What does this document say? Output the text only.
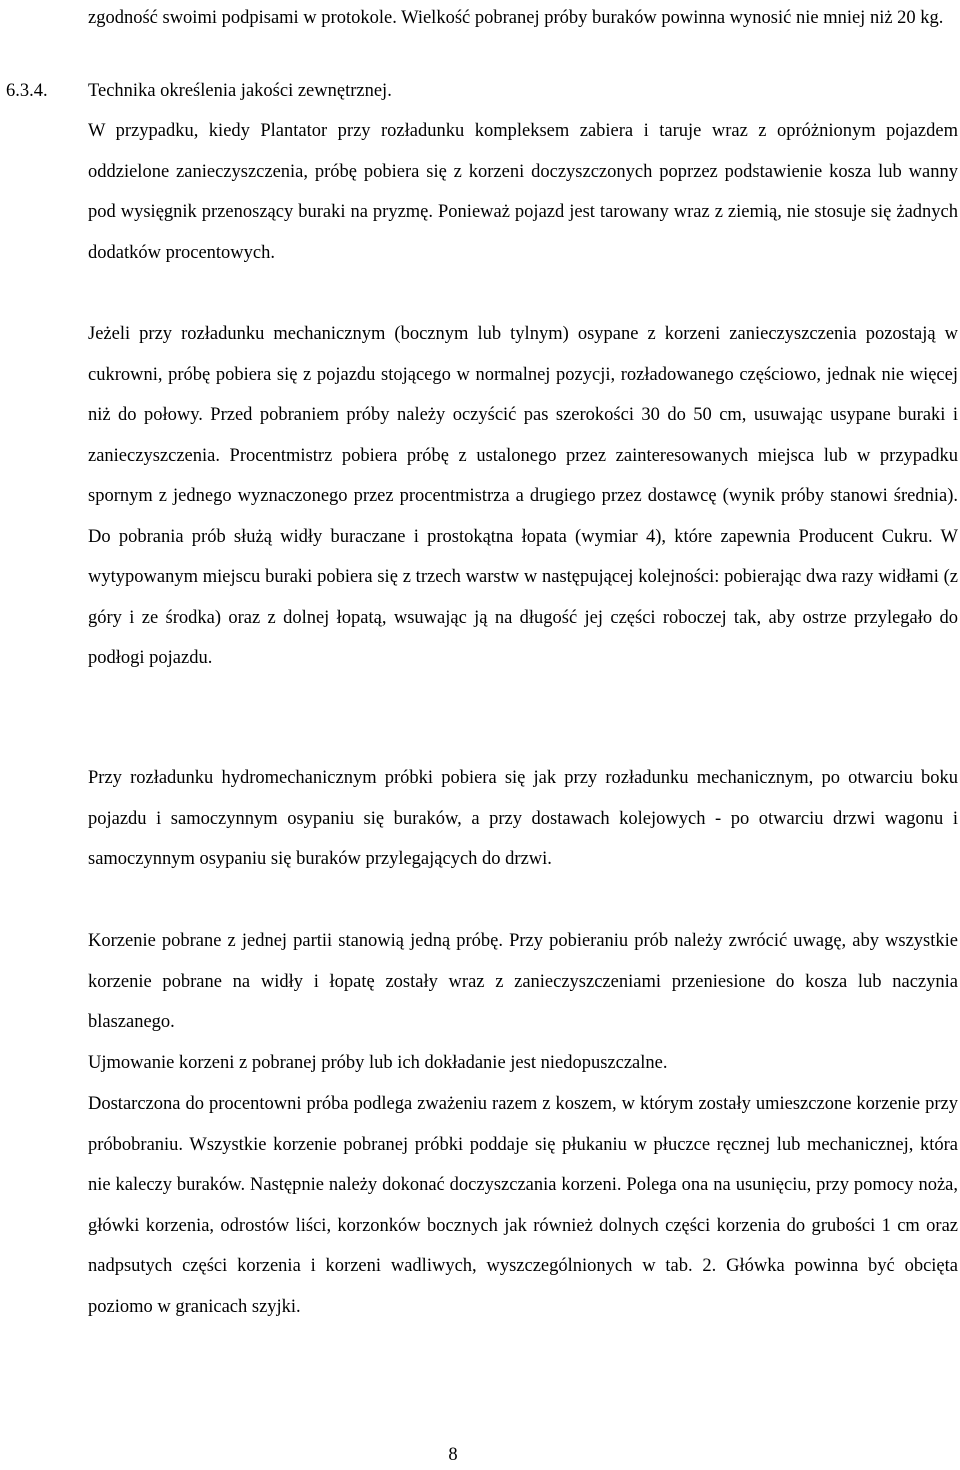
zgodność swoimi podpisami w protokole. Wielkość pobranej próby buraków powinna wynosić nie mniej niż 20 kg.

6.3.4. Technika określenia jakości zewnętrznej.

W przypadku, kiedy Plantator przy rozładunku kompleksem zabiera i taruje wraz z opróżnionym pojazdem oddzielone zanieczyszczenia, próbę pobiera się z korzeni doczyszczonych poprzez podstawienie kosza lub wanny pod wysięgnik przenoszący buraki na pryzmę. Ponieważ pojazd jest tarowany wraz z ziemią, nie stosuje się żadnych dodatków procentowych.

Jeżeli przy rozładunku mechanicznym (bocznym lub tylnym) osypane z korzeni zanieczyszczenia pozostają w cukrowni, próbę pobiera się z pojazdu stojącego w normalnej pozycji, rozładowanego częściowo, jednak nie więcej niż do połowy. Przed pobraniem próby należy oczyścić pas szerokości 30 do 50 cm, usuwając usypane buraki i zanieczyszczenia. Procentmistrz pobiera próbę z ustalonego przez zainteresowanych miejsca lub w przypadku spornym z jednego wyznaczonego przez procentmistrza a drugiego przez dostawcę (wynik próby stanowi średnia). Do pobrania prób służą widły buraczane i prostokątna łopata (wymiar 4), które zapewnia Producent Cukru. W wytypowanym miejscu buraki pobiera się z trzech warstw w następującej kolejności: pobierając dwa razy widłami (z góry i ze środka) oraz z dolnej łopatą, wsuwając ją na długość jej części roboczej tak, aby ostrze przylegało do podłogi pojazdu.

Przy rozładunku hydromechanicznym próbki pobiera się jak przy rozładunku mechanicznym, po otwarciu boku pojazdu i samoczynnym osypaniu się buraków, a przy dostawach kolejowych - po otwarciu drzwi wagonu i samoczynnym osypaniu się buraków przylegających do drzwi.

Korzenie pobrane z jednej partii stanowią jedną próbę. Przy pobieraniu prób należy zwrócić uwagę, aby wszystkie korzenie pobrane na widły i łopatę zostały wraz z zanieczyszczeniami przeniesione do kosza lub naczynia blaszanego.

Ujmowanie korzeni z pobranej próby lub ich dokładanie jest niedopuszczalne.

Dostarczona do procentowni próba podlega zważeniu razem z koszem, w którym zostały umieszczone korzenie przy próbobraniu. Wszystkie korzenie pobranej próbki poddaje się płukaniu w płuczce ręcznej lub mechanicznej, która nie kaleczy buraków. Następnie należy dokonać doczyszczania korzeni. Polega ona na usunięciu, przy pomocy noża, główki korzenia, odrostów liści, korzonków bocznych jak również dolnych części korzenia do grubości 1 cm oraz nadpsutych części korzenia i korzeni wadliwych, wyszczególnionych w tab. 2. Główka powinna być obcięta poziomo w granicach szyjki.

8
